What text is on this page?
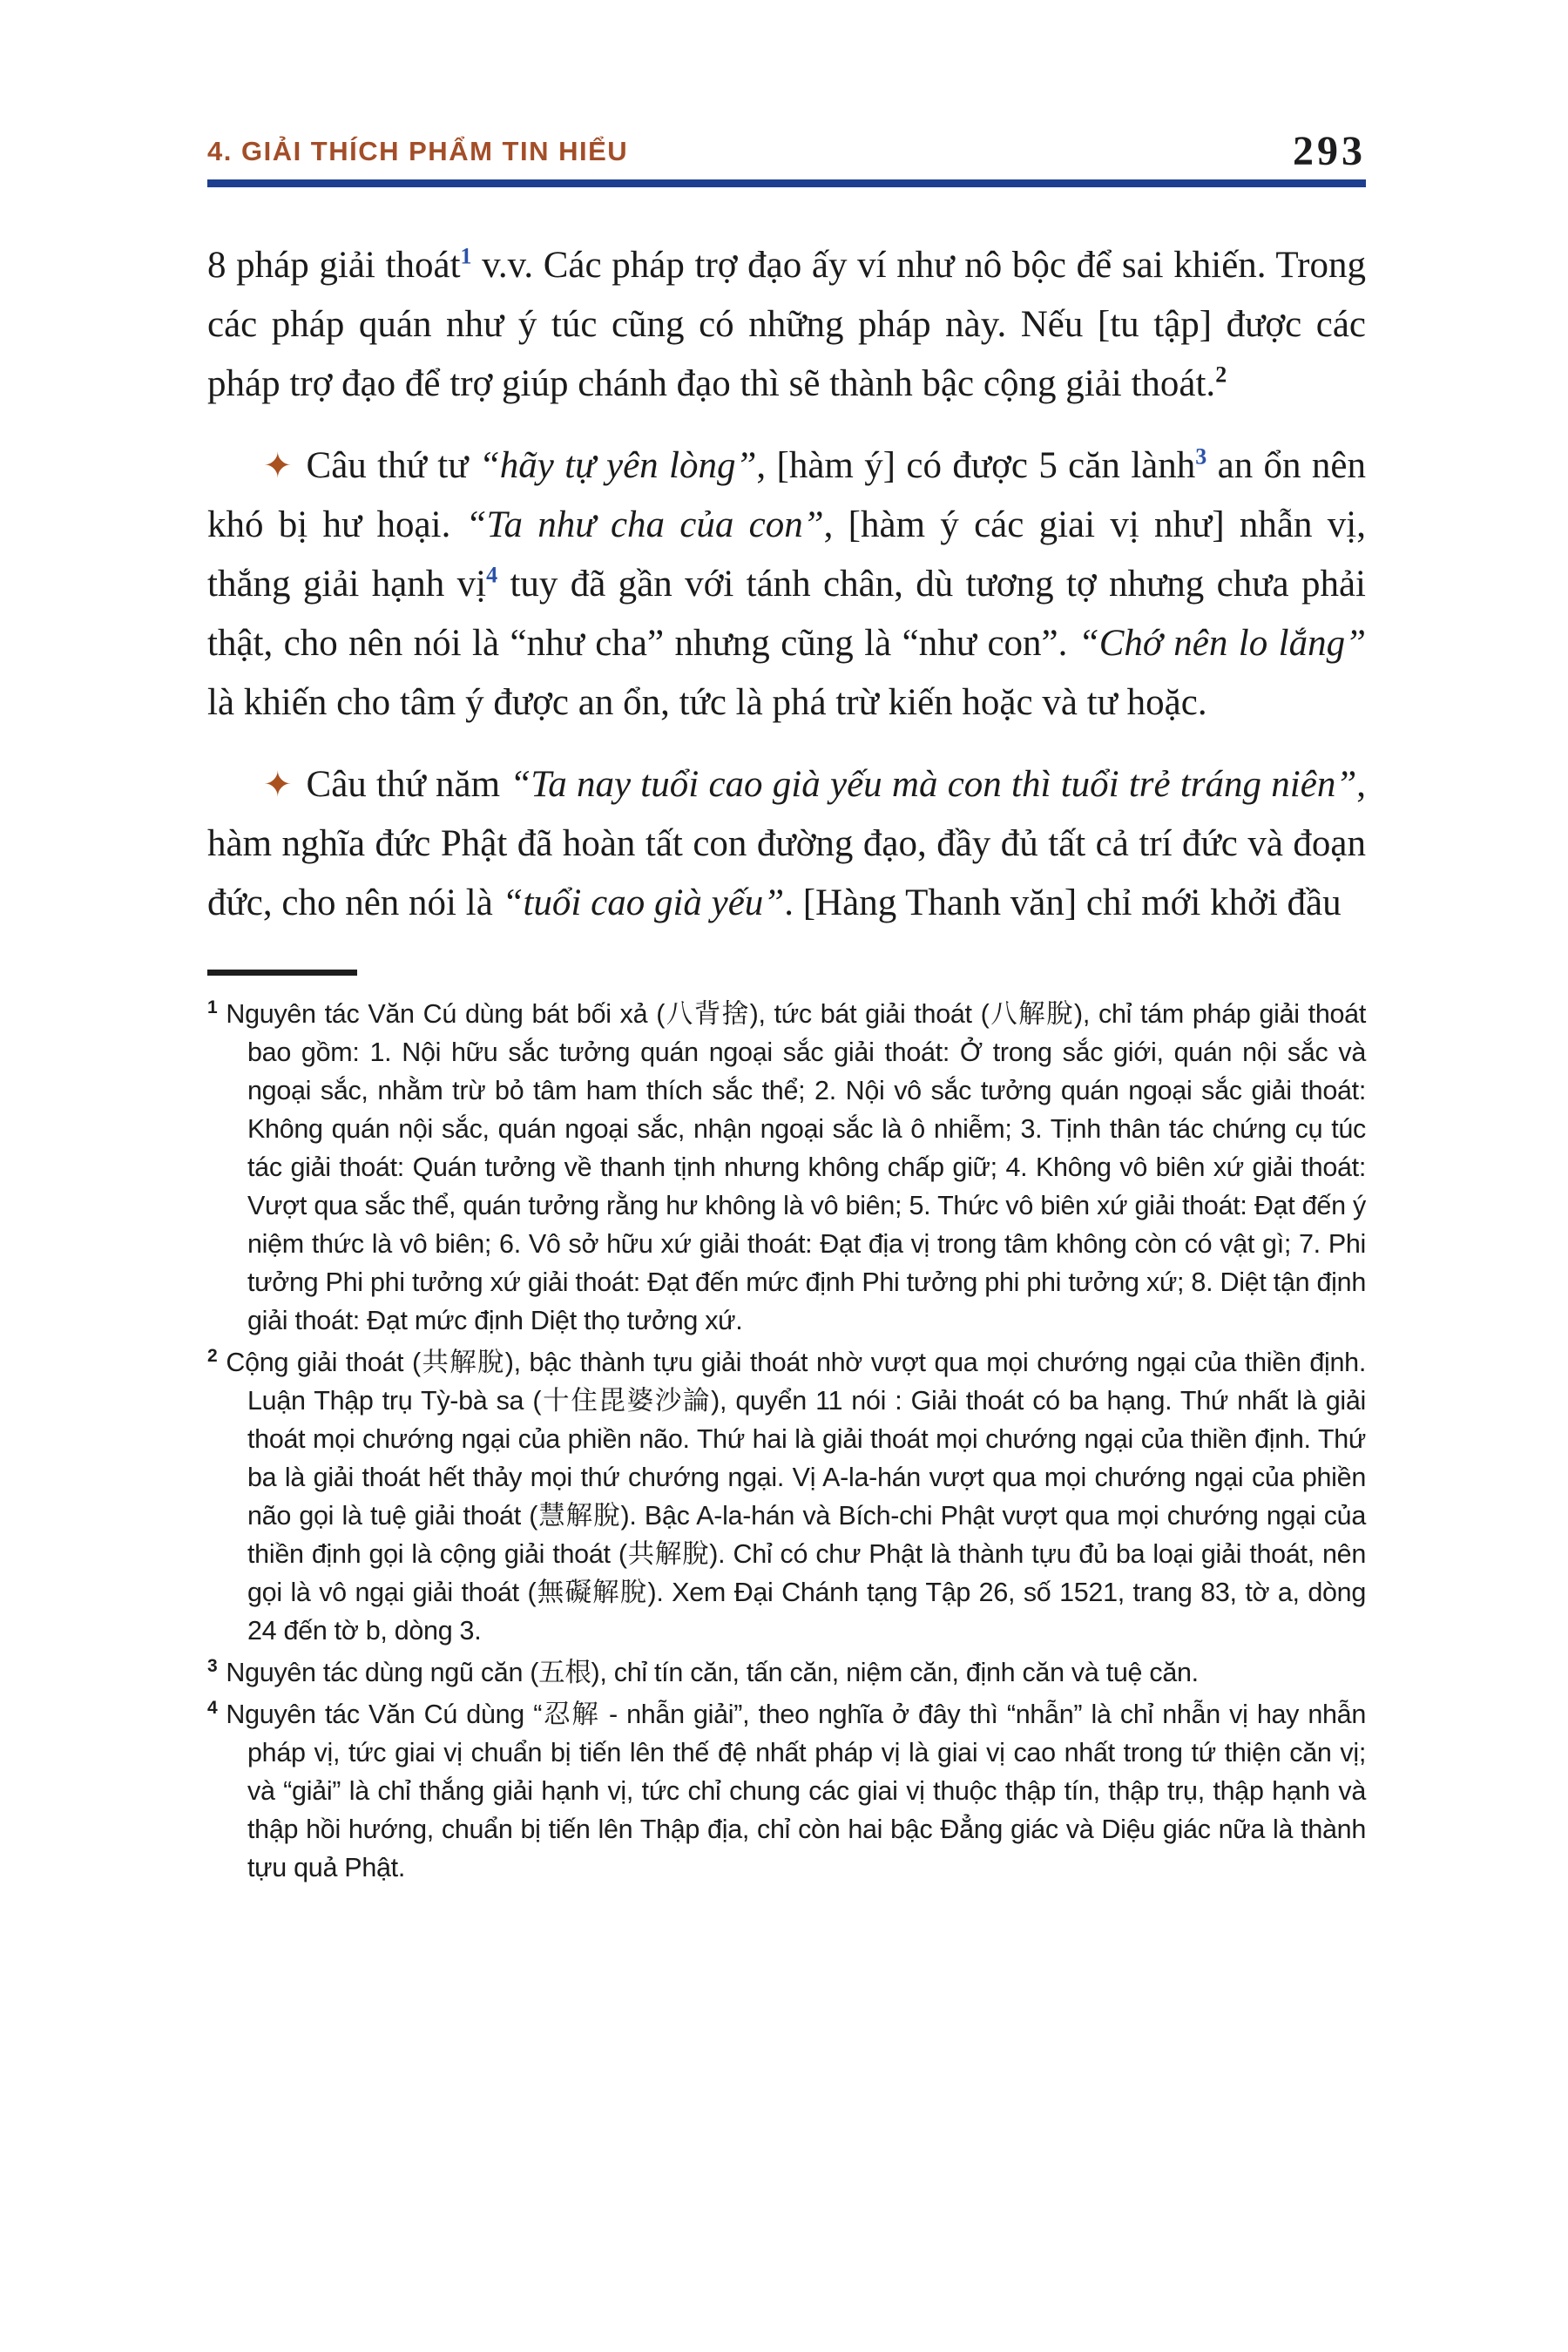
4. GIẢI THÍCH PHẨM TIN HIỂU	293

8 pháp giải thoát$^1$ v.v. Các pháp trợ đạo ấy ví như nô bộc để sai khiến. Trong các pháp quán như ý túc cũng có những pháp này. Nếu [tu tập] được các pháp trợ đạo để trợ giúp chánh đạo thì sẽ thành bậc cộng giải thoát.$^2$

✦ Câu thứ tư “hãy tự yên lòng”, [hàm ý] có được 5 căn lành$^3$ an ổn nên khó bị hư hoại. “Ta như cha của con”, [hàm ý các giai vị như] nhẫn vị, thắng giải hạnh vị$^4$ tuy đã gần với tánh chân, dù tương tợ nhưng chưa phải thật, cho nên nói là “như cha” nhưng cũng là “như con”. “Chớ nên lo lắng” là khiến cho tâm ý được an ổn, tức là phá trừ kiến hoặc và tư hoặc.

✦ Câu thứ năm “Ta nay tuổi cao già yếu mà con thì tuổi trẻ tráng niên”, hàm nghĩa đức Phật đã hoàn tất con đường đạo, đầy đủ tất cả trí đức và đoạn đức, cho nên nói là “tuổi cao già yếu”. [Hàng Thanh văn] chỉ mới khởi đầu

$^1$ Nguyên tác Văn Cú dùng bát bối xả (八背捨), tức bát giải thoát (八解脫), chỉ tám pháp giải thoát bao gồm: 1. Nội hữu sắc tưởng quán ngoại sắc giải thoát: Ở trong sắc giới, quán nội sắc và ngoại sắc, nhằm trừ bỏ tâm ham thích sắc thể; 2. Nội vô sắc tưởng quán ngoại sắc giải thoát: Không quán nội sắc, quán ngoại sắc, nhận ngoại sắc là ô nhiễm; 3. Tịnh thân tác chứng cụ túc tác giải thoát: Quán tưởng về thanh tịnh nhưng không chấp giữ; 4. Không vô biên xứ giải thoát: Vượt qua sắc thể, quán tưởng rằng hư không là vô biên; 5. Thức vô biên xứ giải thoát: Đạt đến ý niệm thức là vô biên; 6. Vô sở hữu xứ giải thoát: Đạt địa vị trong tâm không còn có vật gì; 7. Phi tưởng Phi phi tưởng xứ giải thoát: Đạt đến mức định Phi tưởng phi phi tưởng xứ; 8. Diệt tận định giải thoát: Đạt mức định Diệt thọ tưởng xứ.
$^2$ Cộng giải thoát (共解脫), bậc thành tựu giải thoát nhờ vượt qua mọi chướng ngại của thiền định. Luận Thập trụ Tỳ-bà sa (十住毘婆沙論), quyển 11 nói : Giải thoát có ba hạng. Thứ nhất là giải thoát mọi chướng ngại của phiền não. Thứ hai là giải thoát mọi chướng ngại của thiền định. Thứ ba là giải thoát hết thảy mọi thứ chướng ngại. Vị A-la-hán vượt qua mọi chướng ngại của phiền não gọi là tuệ giải thoát (慧解脫). Bậc A-la-hán và Bích-chi Phật vượt qua mọi chướng ngại của thiền định gọi là cộng giải thoát (共解脫). Chỉ có chư Phật là thành tựu đủ ba loại giải thoát, nên gọi là vô ngại giải thoát (無礙解脫). Xem Đại Chánh tạng Tập 26, số 1521, trang 83, tờ a, dòng 24 đến tờ b, dòng 3.
$^3$ Nguyên tác dùng ngũ căn (五根), chỉ tín căn, tấn căn, niệm căn, định căn và tuệ căn.
$^4$ Nguyên tác Văn Cú dùng “忍解 - nhẫn giải”, theo nghĩa ở đây thì “nhẫn” là chỉ nhẫn vị hay nhẫn pháp vị, tức giai vị chuẩn bị tiến lên thế đệ nhất pháp vị là giai vị cao nhất trong tứ thiện căn vị; và “giải” là chỉ thắng giải hạnh vị, tức chỉ chung các giai vị thuộc thập tín, thập trụ, thập hạnh và thập hồi hướng, chuẩn bị tiến lên Thập địa, chỉ còn hai bậc Đẳng giác và Diệu giác nữa là thành tựu quả Phật.
